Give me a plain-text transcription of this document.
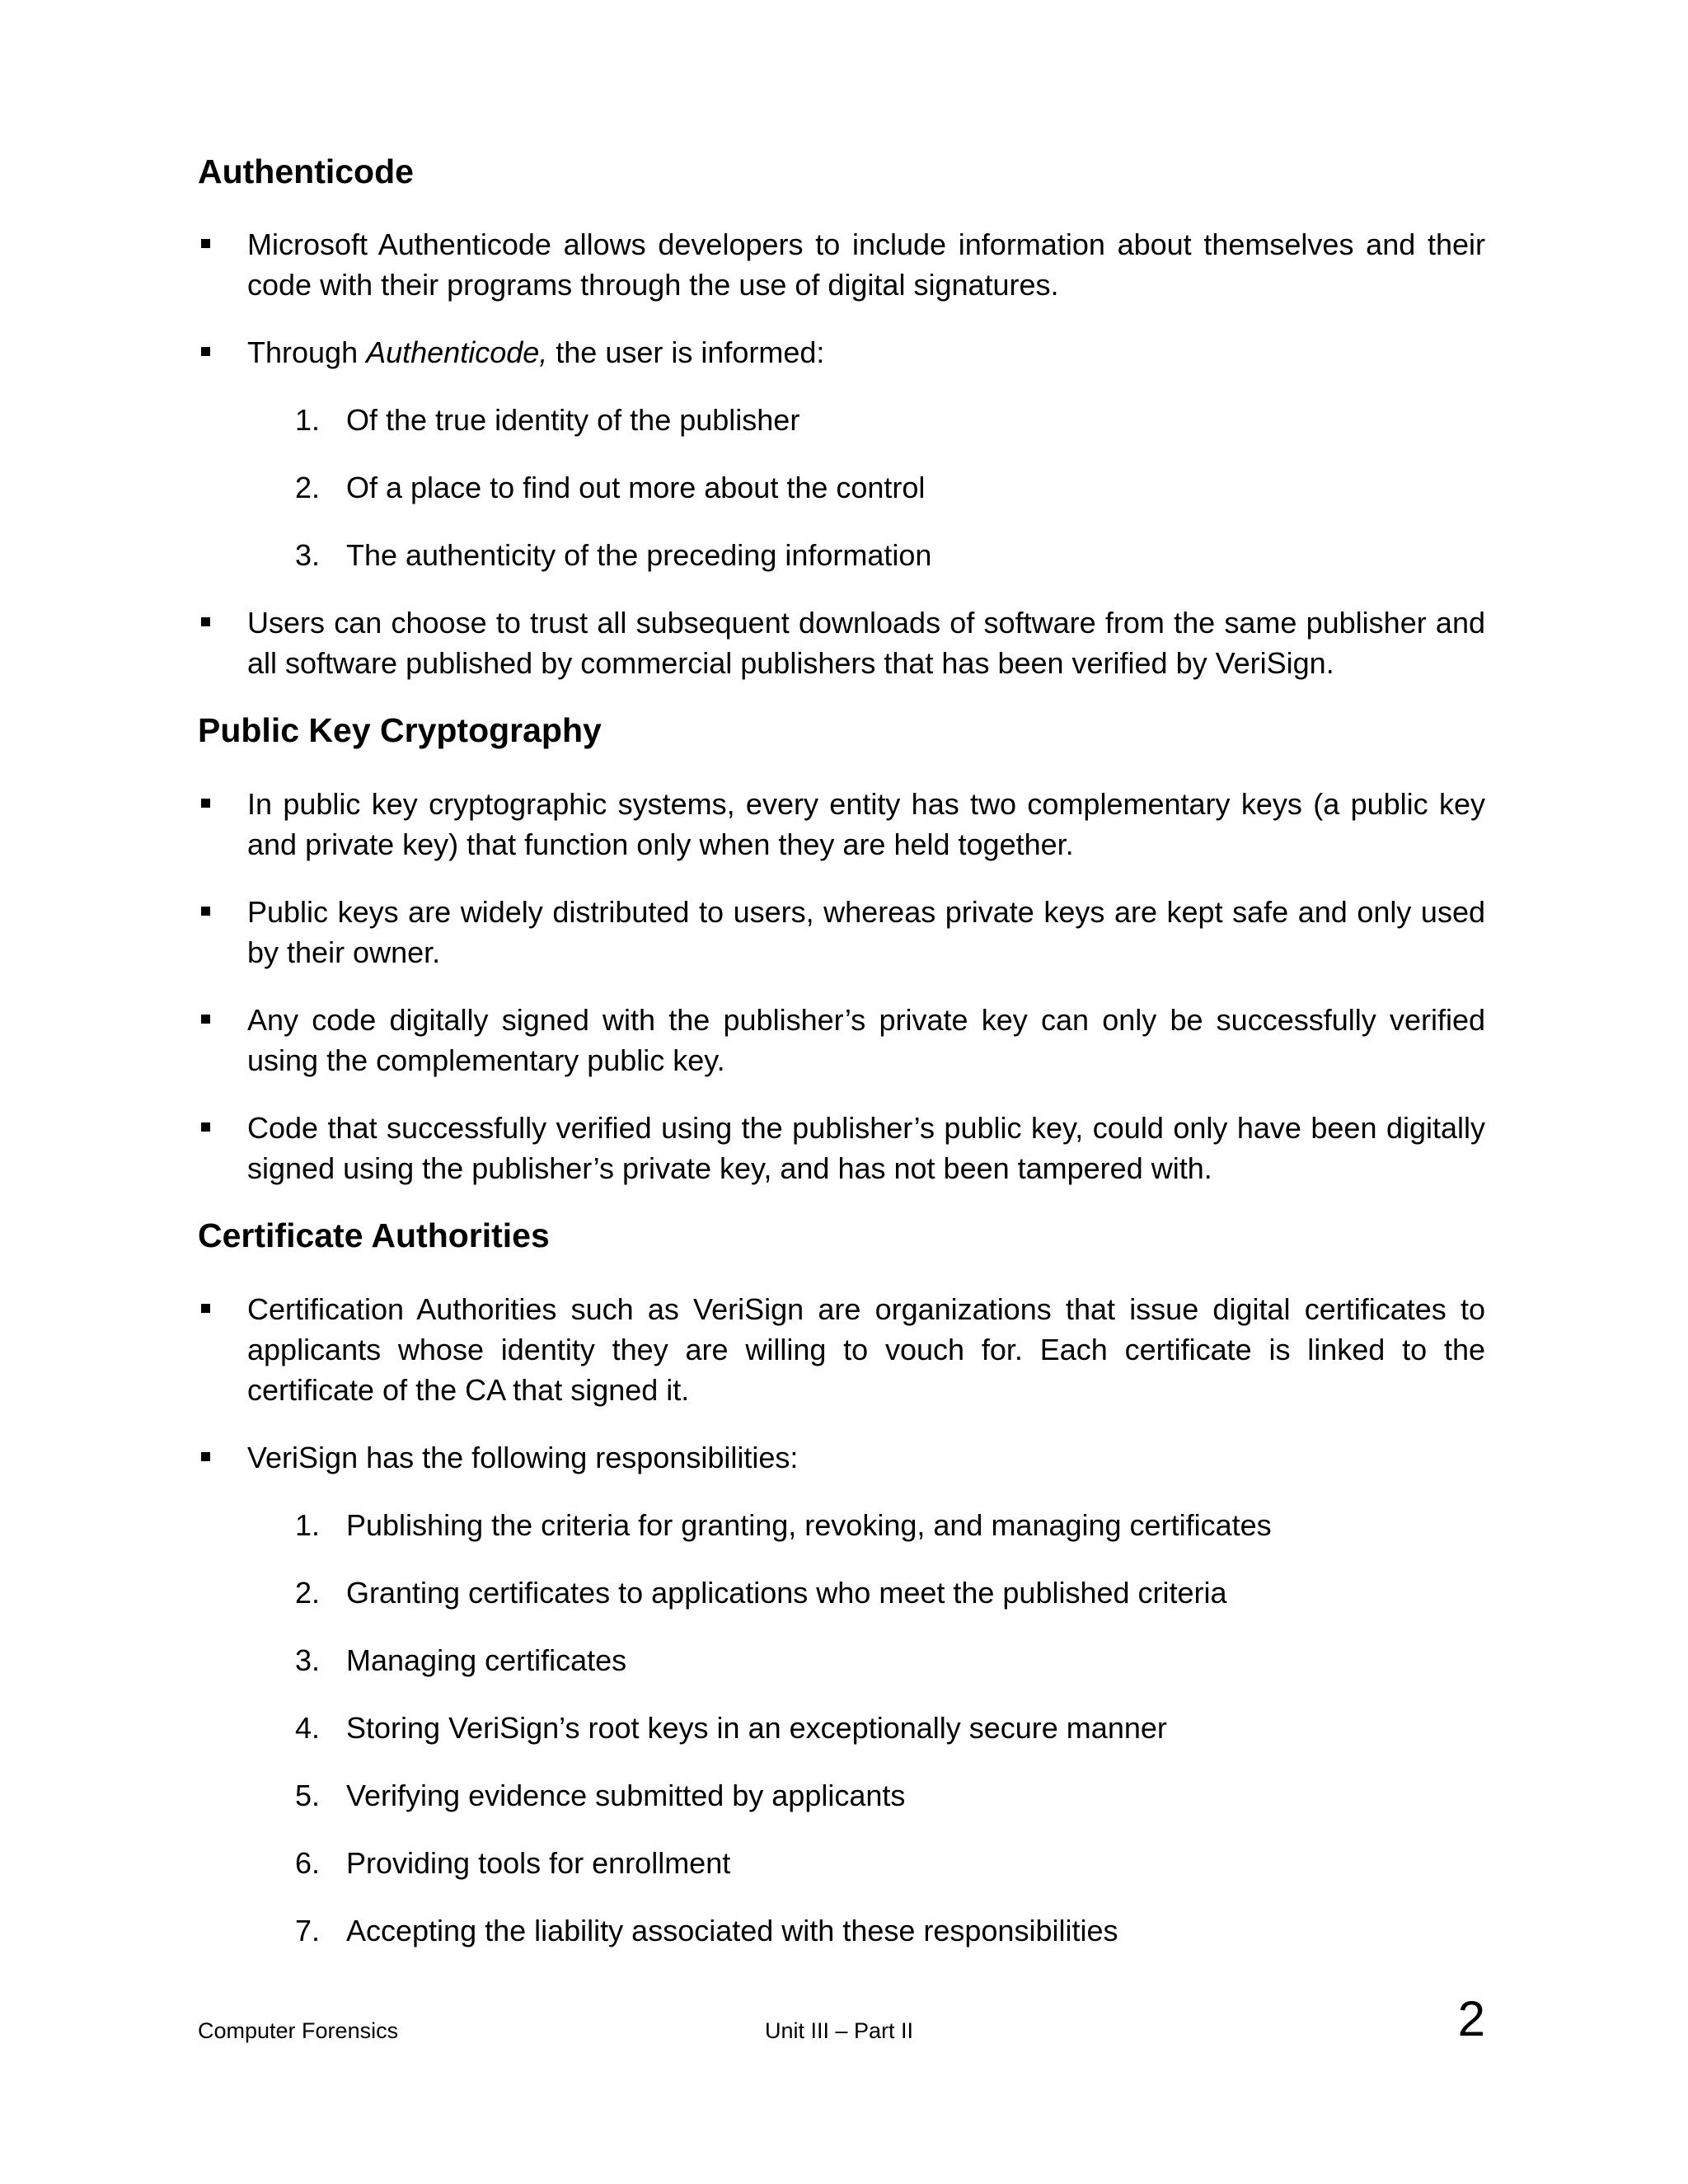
Authenticode
Microsoft Authenticode allows developers to include information about themselves and their code with their programs through the use of digital signatures.
Through Authenticode, the user is informed:
1. Of the true identity of the publisher
2. Of a place to find out more about the control
3. The authenticity of the preceding information
Users can choose to trust all subsequent downloads of software from the same publisher and all software published by commercial publishers that has been verified by VeriSign.
Public Key Cryptography
In public key cryptographic systems, every entity has two complementary keys (a public key and private key) that function only when they are held together.
Public keys are widely distributed to users, whereas private keys are kept safe and only used by their owner.
Any code digitally signed with the publisher’s private key can only be successfully verified using the complementary public key.
Code that successfully verified using the publisher’s public key, could only have been digitally signed using the publisher’s private key, and has not been tampered with.
Certificate Authorities
Certification Authorities such as VeriSign are organizations that issue digital certificates to applicants whose identity they are willing to vouch for. Each certificate is linked to the certificate of the CA that signed it.
VeriSign has the following responsibilities:
1. Publishing the criteria for granting, revoking, and managing certificates
2. Granting certificates to applications who meet the published criteria
3. Managing certificates
4. Storing VeriSign’s root keys in an exceptionally secure manner
5. Verifying evidence submitted by applicants
6. Providing tools for enrollment
7. Accepting the liability associated with these responsibilities
Computer Forensics	Unit III – Part II	2
